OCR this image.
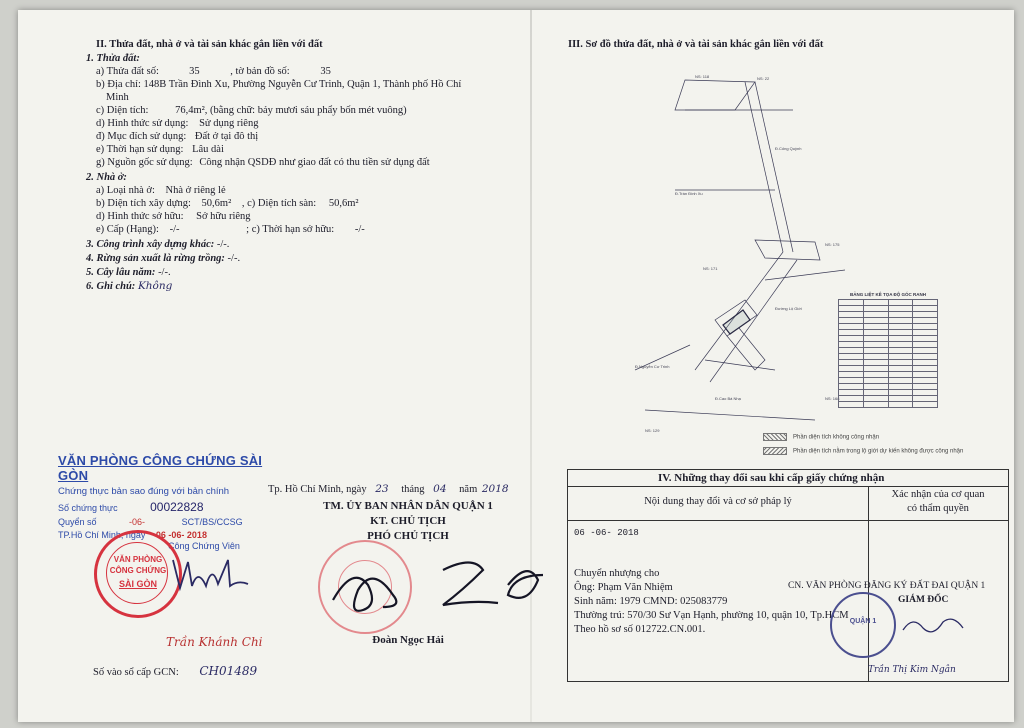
II. Thửa đất, nhà ở và tài sản khác gắn liền với đất
1. Thửa đất:
a) Thửa đất số:	35	, tờ bản đồ số:	35
b) Địa chỉ: 148B Trần Đình Xu, Phường Nguyễn Cư Trinh, Quận 1, Thành phố Hồ Chí
Minh
c) Diện tích:	76,4m², (bằng chữ: bảy mươi sáu phẩy bốn mét vuông)
d) Hình thức sử dụng: Sử dụng riêng
đ) Mục đích sử dụng: Đất ở tại đô thị
e) Thời hạn sử dụng: Lâu dài
g) Nguồn gốc sử dụng: Công nhận QSDĐ như giao đất có thu tiền sử dụng đất
2. Nhà ở:
a) Loại nhà ở: Nhà ở riêng lẻ
b) Diện tích xây dựng: 50,6m² , c) Diện tích sàn: 50,6m²
d) Hình thức sở hữu: Sở hữu riêng
e) Cấp (Hạng): -/-	; c) Thời hạn sở hữu: -/-
3. Công trình xây dựng khác: -/-.
4. Rừng sản xuất là rừng trồng: -/-.
5. Cây lâu năm: -/-.
6. Ghi chú: Không
VĂN PHÒNG CÔNG CHỨNG SÀI GÒN
Chứng thực bản sao đúng với bản chính
Số chứng thực	00022828
Quyển số	-06-	SCT/BS/CCSG
TP.Hồ Chí Minh, ngày 06 -06- 2018
Công Chứng Viên
VĂN PHÒNG
CÔNG CHỨNG
SÀI GÒN
Trần Khánh Chi
Số vào sổ cấp GCN: CH01489
Tp. Hồ Chí Minh, ngày 23 tháng 04 năm 2018
TM. ỦY BAN NHÂN DÂN QUẬN 1
KT. CHỦ TỊCH
PHÓ CHỦ TỊCH
Đoàn Ngọc Hải
III. Sơ đồ thửa đất, nhà ở và tài sản khác gắn liền với đất
NS: 118	NS: 22
Đ.Cống Quỳnh
Đ.Trần Đình Xu
NS: 175
NS: 171
Đường Lộ Giới
Đ.Nguyễn Cư Trinh
Đ.Cao Bá Nhạ	NS: 168
NS: 129
BẢNG LIỆT KÊ TỌA ĐỘ GÓC RANH

Phần diện tích không công nhận
Phần diện tích nằm trong lộ giới dự kiến không được công nhận
IV. Những thay đổi sau khi cấp giấy chứng nhận
Nội dung thay đổi và cơ sở pháp lý
Xác nhận của cơ quan
có thẩm quyền
06 -06- 2018
Chuyển nhượng cho
Ông: Phạm Văn Nhiệm
Sinh năm: 1979 CMND: 025083779
Thường trú: 570/30 Sư Vạn Hạnh, phường 10, quận 10, Tp.HCM
Theo hồ sơ số 012722.CN.001.
CN. VĂN PHÒNG ĐĂNG KÝ ĐẤT ĐAI QUẬN 1
GIÁM ĐỐC
QUẬN 1
Trần Thị Kim Ngân
